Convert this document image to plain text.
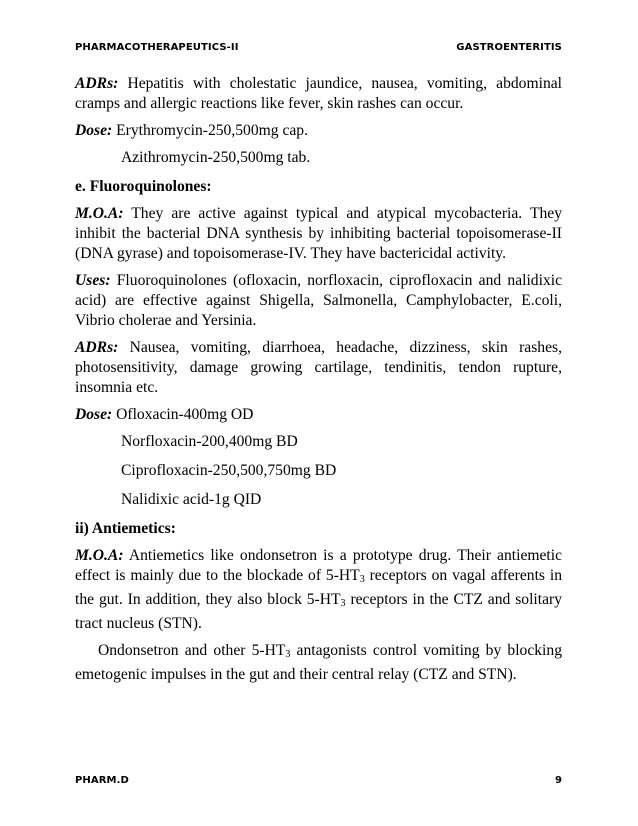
PHARMACOTHERAPEUTICS-II	GASTROENTERITIS

ADRs: Hepatitis with cholestatic jaundice, nausea, vomiting, abdominal cramps and allergic reactions like fever, skin rashes can occur.

Dose: Erythromycin-250,500mg cap.

Azithromycin-250,500mg tab.

e. Fluoroquinolones:

M.O.A: They are active against typical and atypical mycobacteria. They inhibit the bacterial DNA synthesis by inhibiting bacterial topoisomerase-II (DNA gyrase) and topoisomerase-IV. They have bactericidal activity.

Uses: Fluoroquinolones (ofloxacin, norfloxacin, ciprofloxacin and nalidixic acid) are effective against Shigella, Salmonella, Camphylobacter, E.coli, Vibrio cholerae and Yersinia.

ADRs: Nausea, vomiting, diarrhoea, headache, dizziness, skin rashes, photosensitivity, damage growing cartilage, tendinitis, tendon rupture, insomnia etc.

Dose: Ofloxacin-400mg OD

Norfloxacin-200,400mg BD

Ciprofloxacin-250,500,750mg BD

Nalidixic acid-1g QID

ii) Antiemetics:

M.O.A: Antiemetics like ondonsetron is a prototype drug. Their antiemetic effect is mainly due to the blockade of $5-HT_3$ receptors on vagal afferents in the gut. In addition, they also block $5-HT_3$ receptors in the CTZ and solitary tract nucleus (STN).

Ondonsetron and other $5-HT_3$ antagonists control vomiting by blocking emetogenic impulses in the gut and their central relay (CTZ and STN).

PHARM.D	9
